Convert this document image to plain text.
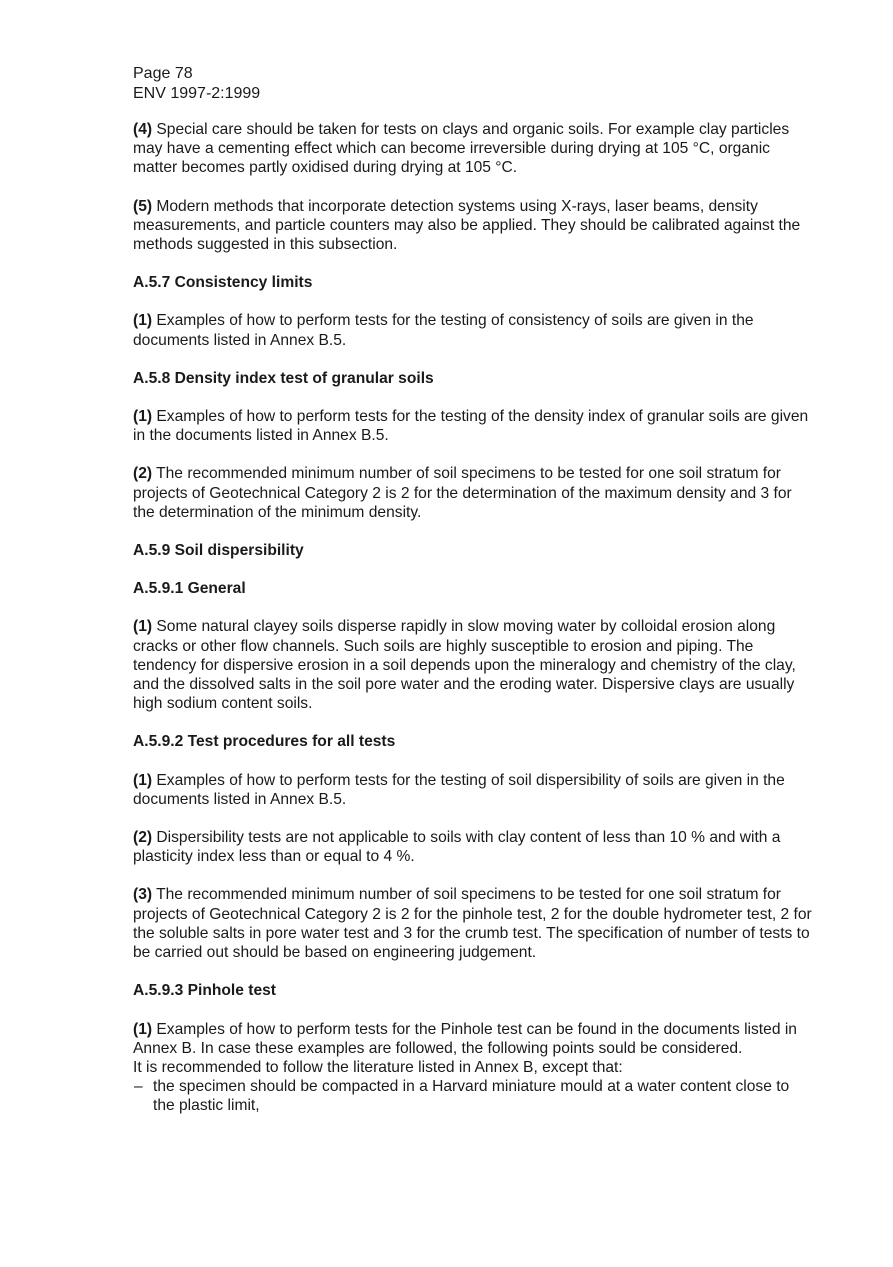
Page 78
ENV 1997-2:1999

(4) Special care should be taken for tests on clays and organic soils. For example clay particles may have a cementing effect which can become irreversible during drying at 105 °C, organic matter becomes partly oxidised during drying at 105 °C.

(5) Modern methods that incorporate detection systems using X-rays, laser beams, density measurements, and particle counters may also be applied. They should be calibrated against the methods suggested in this subsection.

A.5.7 Consistency limits

(1) Examples of how to perform tests for the testing of consistency of soils are given in the documents listed in Annex B.5.

A.5.8 Density index test of granular soils

(1) Examples of how to perform tests for the testing of the density index of granular soils are given in the documents listed in Annex B.5.

(2) The recommended minimum number of soil specimens to be tested for one soil stratum for projects of Geotechnical Category 2 is 2 for the determination of the maximum density and 3 for the determination of the minimum density.

A.5.9 Soil dispersibility
A.5.9.1 General

(1) Some natural clayey soils disperse rapidly in slow moving water by colloidal erosion along cracks or other flow channels. Such soils are highly susceptible to erosion and piping. The tendency for dispersive erosion in a soil depends upon the mineralogy and chemistry of the clay, and the dissolved salts in the soil pore water and the eroding water. Dispersive clays are usually high sodium content soils.

A.5.9.2 Test procedures for all tests

(1) Examples of how to perform tests for the testing of soil dispersibility of soils are given in the documents listed in Annex B.5.

(2) Dispersibility tests are not applicable to soils with clay content of less than 10 % and with a plasticity index less than or equal to 4 %.

(3) The recommended minimum number of soil specimens to be tested for one soil stratum for projects of Geotechnical Category 2 is 2 for the pinhole test, 2 for the double hydrometer test, 2 for the soluble salts in pore water test and 3 for the crumb test. The specification of number of tests to be carried out should be based on engineering judgement.

A.5.9.3 Pinhole test

(1) Examples of how to perform tests for the Pinhole test can be found in the documents listed in Annex B. In case these examples are followed, the following points sould be considered.

It is recommended to follow the literature listed in Annex B, except that:

– the specimen should be compacted in a Harvard miniature mould at a water content close to the plastic limit,
